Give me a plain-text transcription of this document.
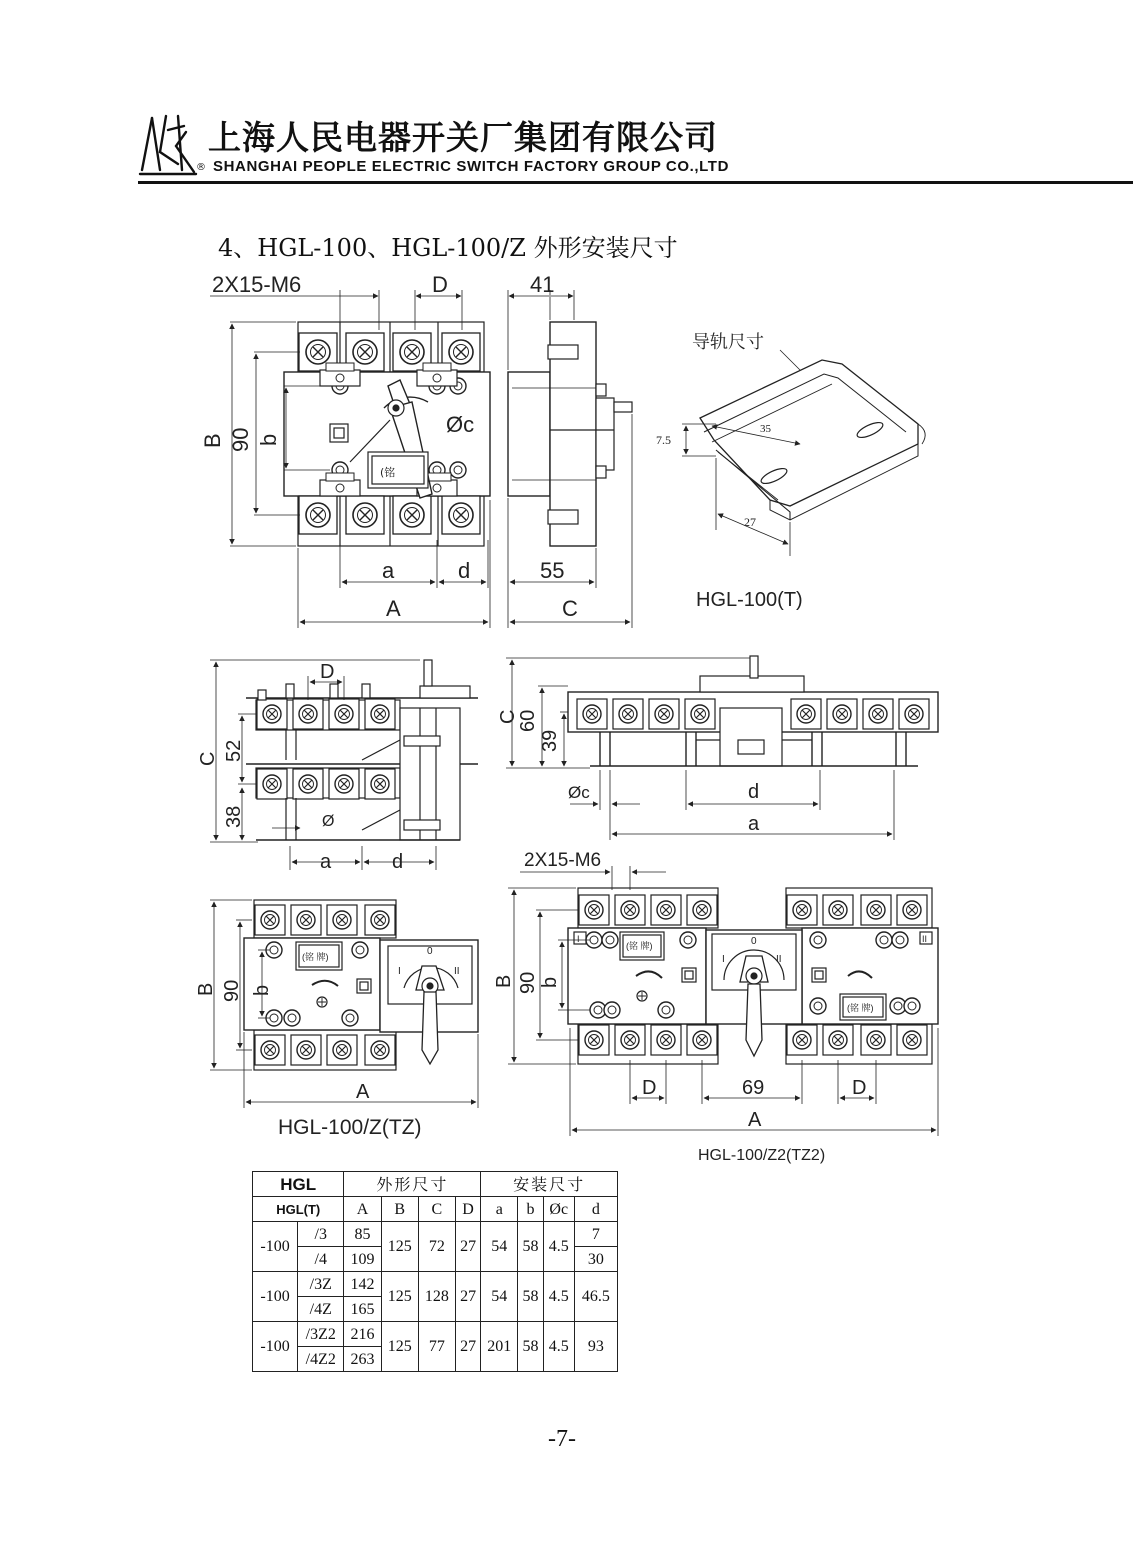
上海人民电器开关厂集团有限公司
® SHANGHAI PEOPLE ELECTRIC SWITCH FACTORY GROUP CO.,LTD
4、HGL-100、HGL-100/Z 外形安装尺寸
2X15-M6	D	41
B 90 b
Øc
a	d	55
A	C
(铭
HGL-100(T)
导轨尺寸
35
7.5
27
C 52
38
D
Ø
a	d
C
60
39
Øc	d
a
B 90 b
A
2X15-M6
B 90 b
D	69	D
A
(铭 牌)
(铭 牌)
(铭 牌)
0
I	II
0
I	II
I	II
HGL-100/Z(TZ)
HGL-100/Z2(TZ2)
HGL		外形尺寸				安装尺寸			
HGL(T)		A	B	C	D	a	b	Øc	d
-100	/3	85	125	72	27	54	58	4.5	7
	/4	109							30
-100	/3Z	142	125	128	27	54	58	4.5	46.5
	/4Z	165							
-100	/3Z2	216	125	77	27	201	58	4.5	93
	/4Z2	263							
-7-
